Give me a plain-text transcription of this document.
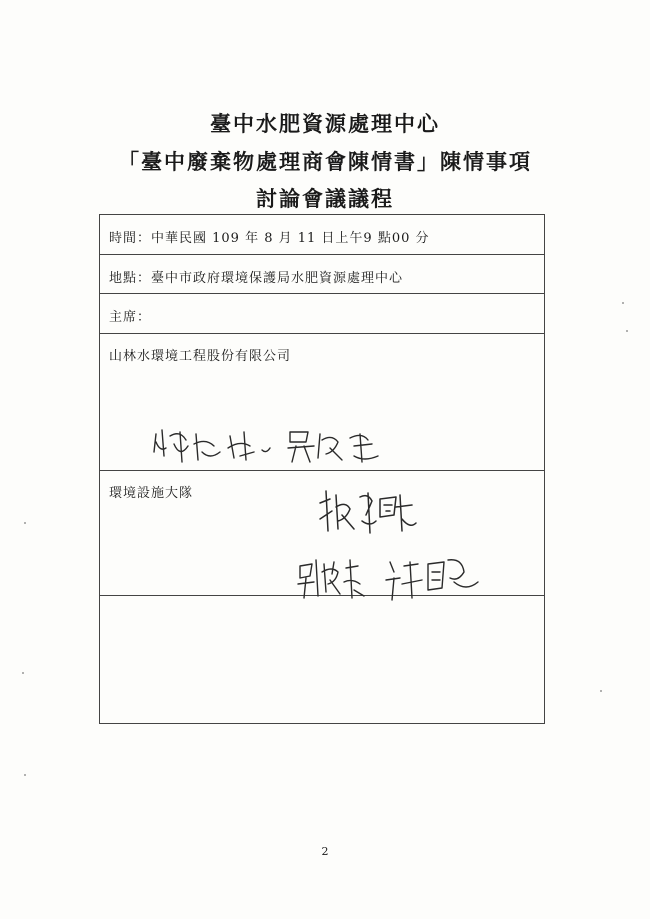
臺中水肥資源處理中心
「臺中廢棄物處理商會陳情書」陳情事項
討論會議議程
時間：中華民國 109 年 8 月 11 日上午9 點00 分
地點：臺中市政府環境保護局水肥資源處理中心
主席：
山林水環境工程股份有限公司
環境設施大隊
2
